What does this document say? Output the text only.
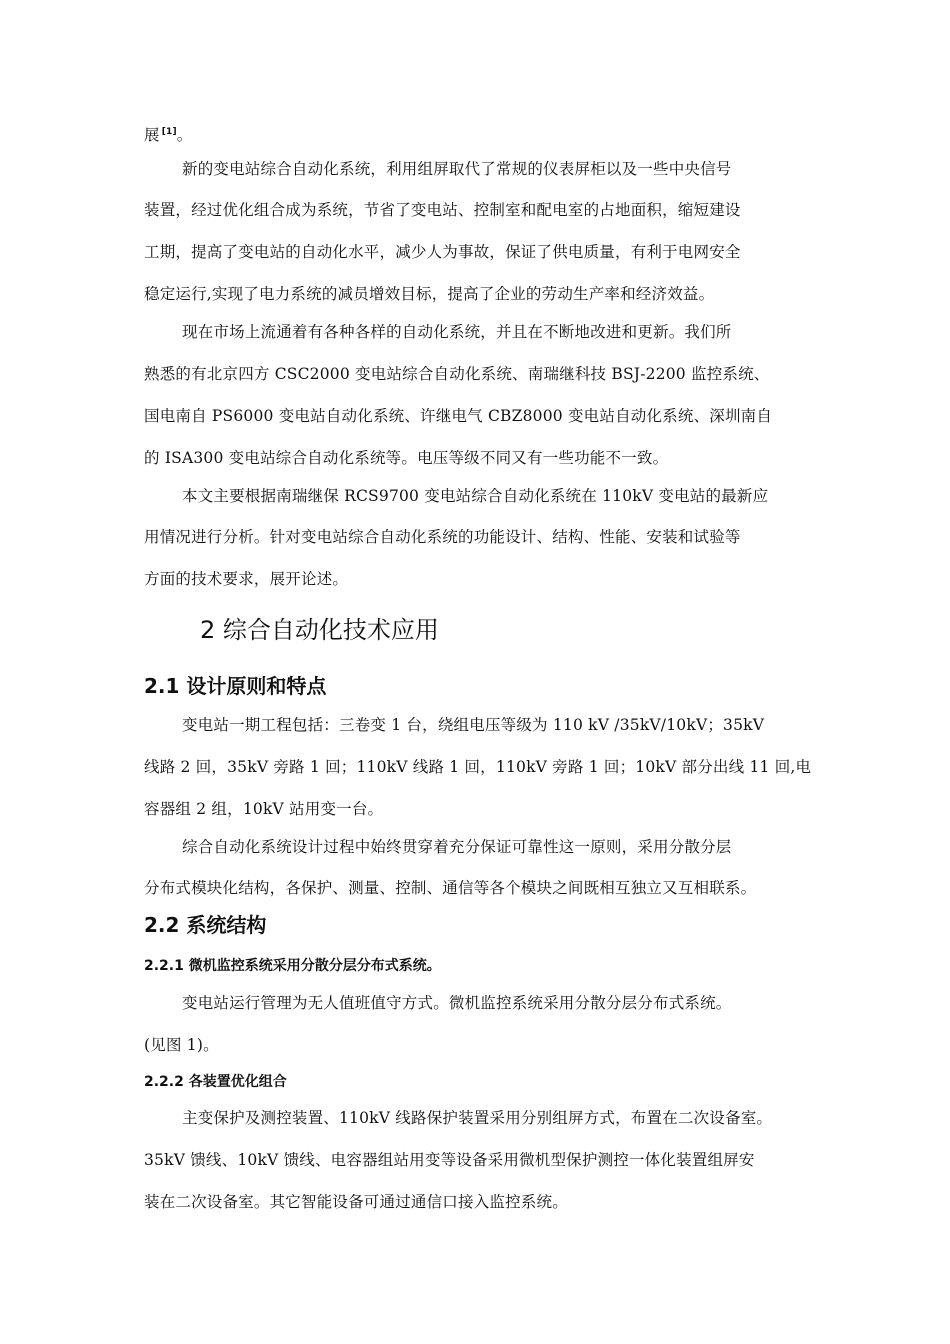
展 [1]。
新的变电站综合自动化系统，利用组屏取代了常规的仪表屏柜以及一些中央信号
装置，经过优化组合成为系统，节省了变电站、控制室和配电室的占地面积，缩短建设
工期，提高了变电站的自动化水平，减少人为事故，保证了供电质量，有利于电网安全
稳定运行,实现了电力系统的减员增效目标，提高了企业的劳动生产率和经济效益。
现在市场上流通着有各种各样的自动化系统，并且在不断地改进和更新。我们所
熟悉的有北京四方 CSC2000 变电站综合自动化系统、南瑞继科技 BSJ-2200 监控系统、
国电南自 PS6000 变电站自动化系统、许继电气 CBZ8000 变电站自动化系统、深圳南自
的 ISA300 变电站综合自动化系统等。电压等级不同又有一些功能不一致。
本文主要根据南瑞继保 RCS9700 变电站综合自动化系统在 110kV 变电站的最新应
用情况进行分析。针对变电站综合自动化系统的功能设计、结构、性能、安装和试验等
方面的技术要求，展开论述。
2 综合自动化技术应用
2.1 设计原则和特点
变电站一期工程包括：三卷变 1 台，绕组电压等级为 110 kV /35kV/10kV；35kV
线路 2 回，35kV 旁路 1 回；110kV 线路 1 回，110kV 旁路 1 回；10kV 部分出线 11 回,电
容器组 2 组，10kV 站用变一台。
综合自动化系统设计过程中始终贯穿着充分保证可靠性这一原则，采用分散分层
分布式模块化结构，各保护、测量、控制、通信等各个模块之间既相互独立又互相联系。
2.2 系统结构
2.2.1 微机监控系统采用分散分层分布式系统。
变电站运行管理为无人值班值守方式。微机监控系统采用分散分层分布式系统。
(见图 1)。
2.2.2 各装置优化组合
主变保护及测控装置、110kV 线路保护装置采用分别组屏方式，布置在二次设备室。
35kV 馈线、10kV 馈线、电容器组站用变等设备采用微机型保护测控一体化装置组屏安
装在二次设备室。其它智能设备可通过通信口接入监控系统。
